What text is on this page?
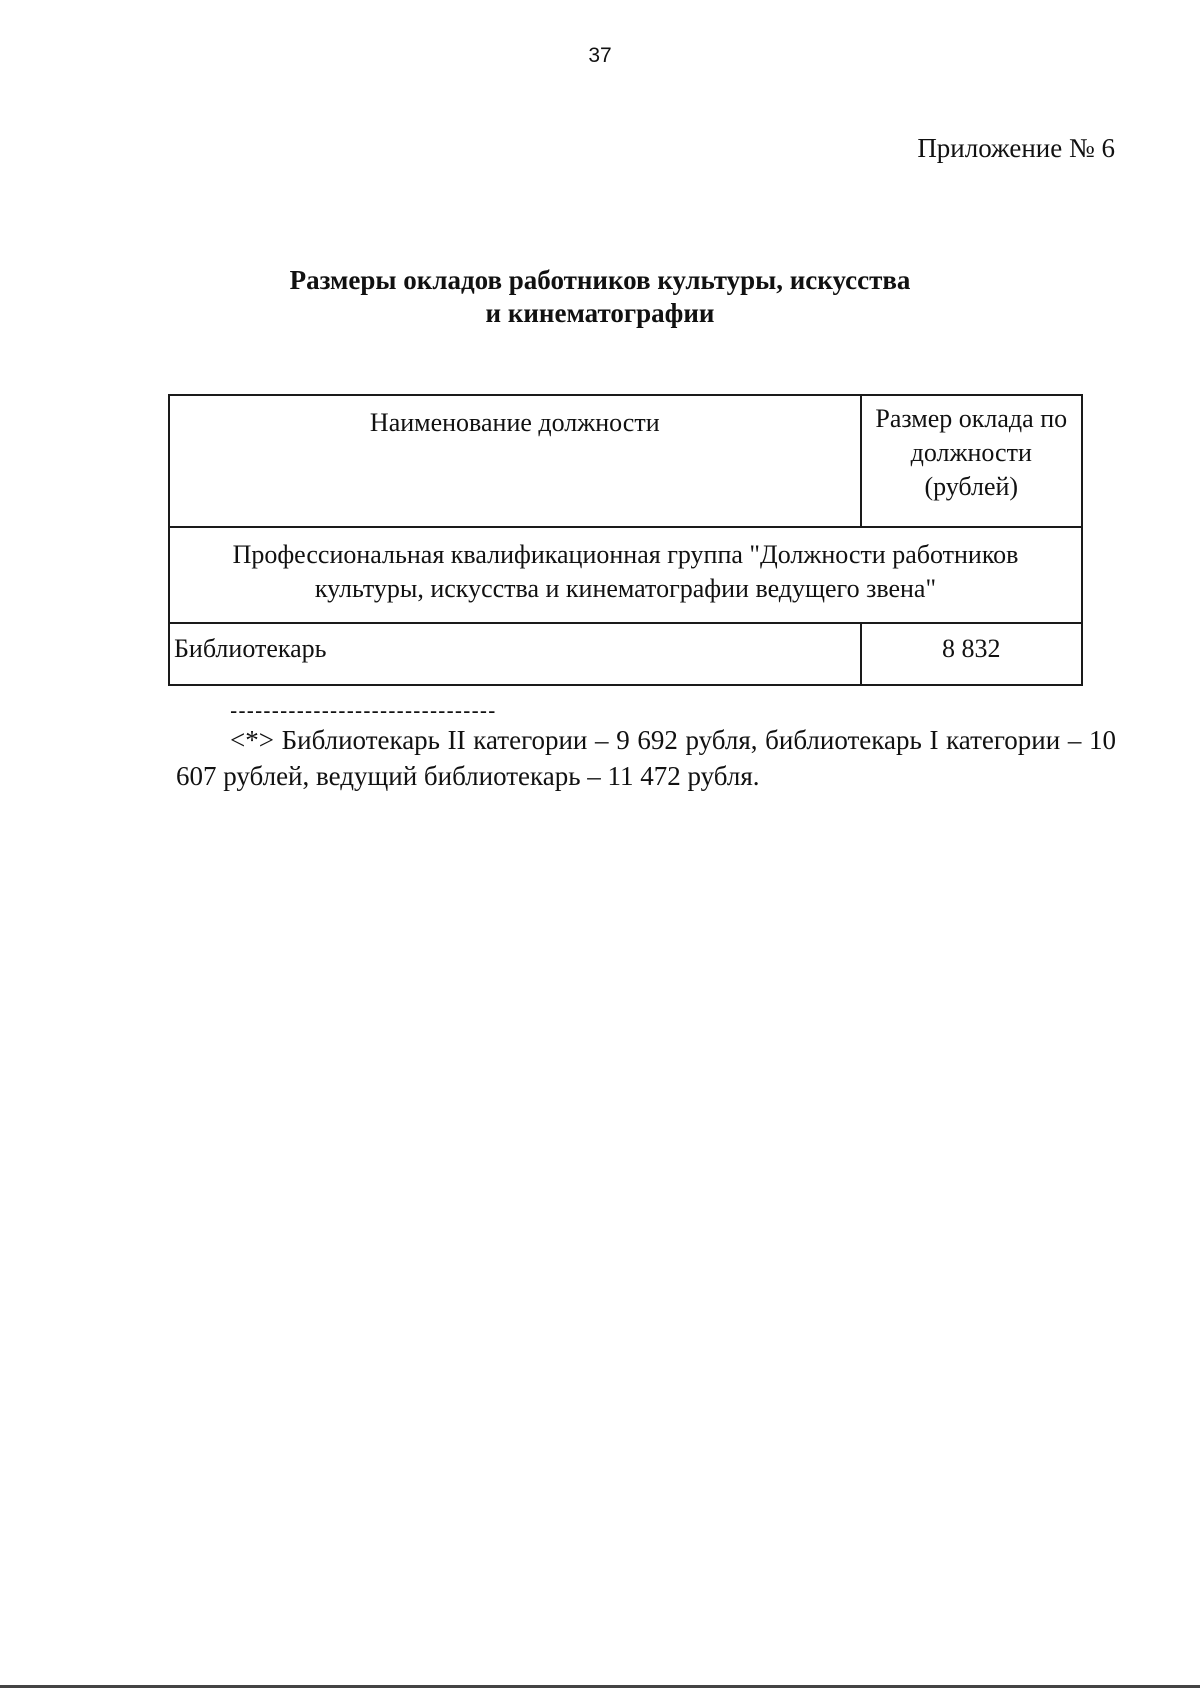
37
Приложение № 6
Размеры окладов работников культуры, искусства
и кинематографии
Наименование должности	Размер оклада по
должности
(рублей)

Профессиональная квалификационная группа "Должности работников
культуры, искусства и кинематографии ведущего звена"	

Библиотекарь	8 832
--------------------------------
<*> Библиотекарь II категории – 9 692 рубля, библиотекарь I категории – 10 607 рублей, ведущий библиотекарь – 11 472 рубля.
